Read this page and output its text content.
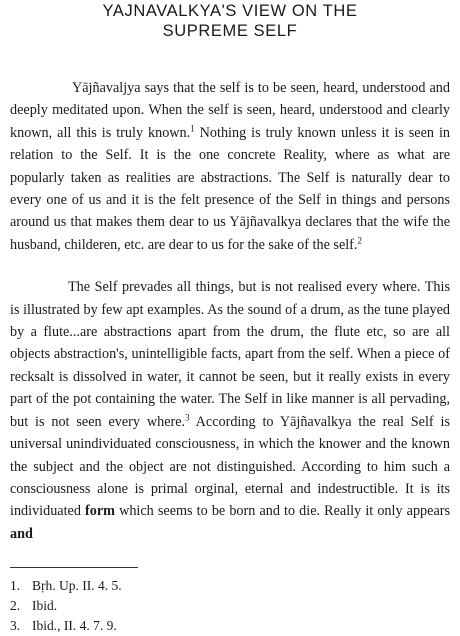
YAJNAVALKYA'S VIEW ON THE
SUPREME SELF

Yājñavaljya says that the self is to be seen, heard, understood and deeply meditated upon. When the self is seen, heard, understood and clearly known, all this is truly known.$^1$ Nothing is truly known unless it is seen in relation to the Self. It is the one concrete Reality, where as what are popularly taken as realities are abstractions. The Self is naturally dear to every one of us and it is the felt presence of the Self in things and persons around us that makes them dear to us Yājñavalkya declares that the wife the husband, childeren, etc. are dear to us for the sake of the self.$^2$

The Self prevades all things, but is not realised every where. This is illustrated by few apt examples. As the sound of a drum, as the tune played by a flute...are abstractions apart from the drum, the flute etc, so are all objects abstraction's, unintelligible facts, apart from the self. When a piece of recksalt is dissolved in water, it cannot be seen, but it really exists in every part of the pot containing the water. The Self in like manner is all pervading, but is not seen every where.$^3$ According to Yājñavalkya the real Self is universal unindividuated consciousness, in which the knower and the known the subject and the object are not distinguished. According to him such a consciousness alone is primal orginal, eternal and indestructible. It is its individuated form which seems to be born and to die. Really it only appears and

1. Bṛh. Up. II. 4. 5.
2. Ibid.
3. Ibid., II. 4. 7. 9.
